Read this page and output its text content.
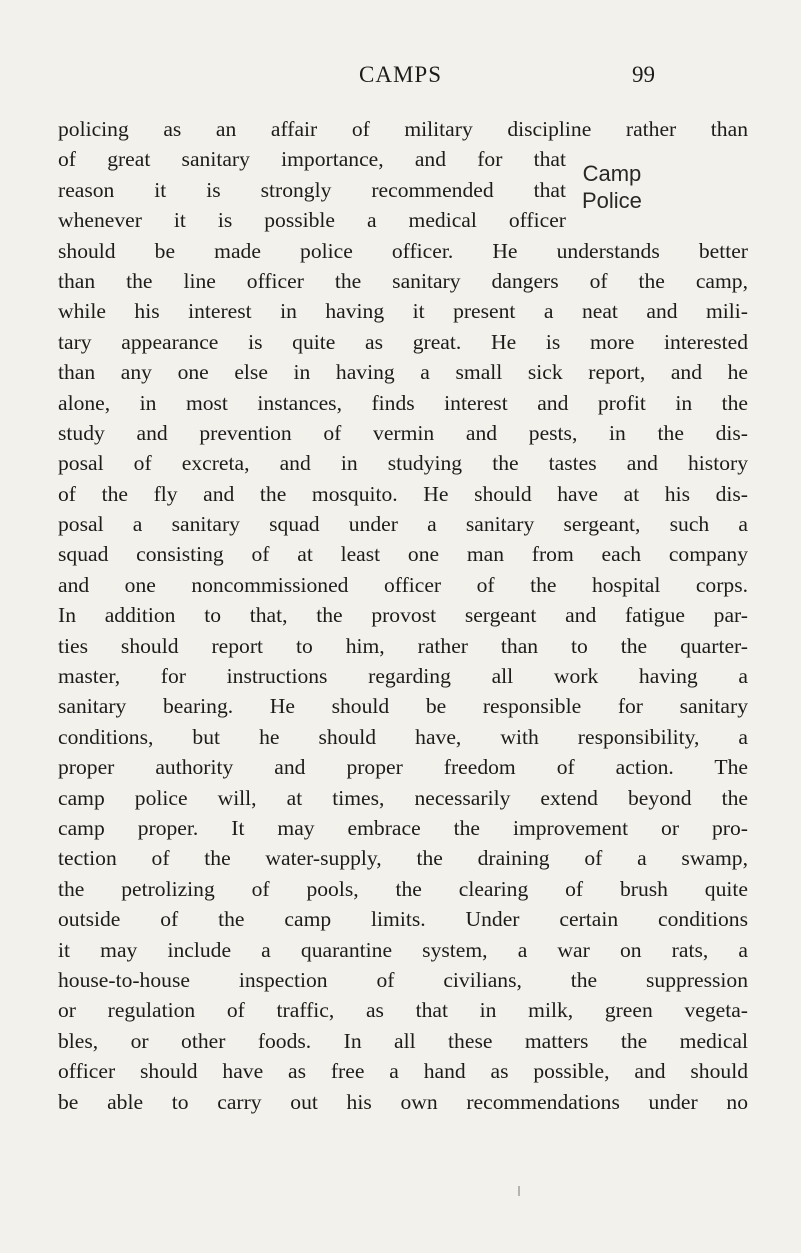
CAMPS	99
Camp
Police
policing as an affair of military discipline rather than
of great sanitary importance, and for that
reason it is strongly recommended that
whenever it is possible a medical officer
should be made police officer. He understands better
than the line officer the sanitary dangers of the camp,
while his interest in having it present a neat and mili-
tary appearance is quite as great. He is more interested
than any one else in having a small sick report, and he
alone, in most instances, finds interest and profit in the
study and prevention of vermin and pests, in the dis-
posal of excreta, and in studying the tastes and history
of the fly and the mosquito. He should have at his dis-
posal a sanitary squad under a sanitary sergeant, such a
squad consisting of at least one man from each company
and one noncommissioned officer of the hospital corps.
In addition to that, the provost sergeant and fatigue par-
ties should report to him, rather than to the quarter-
master, for instructions regarding all work having a
sanitary bearing. He should be responsible for sanitary
conditions, but he should have, with responsibility, a
proper authority and proper freedom of action. The
camp police will, at times, necessarily extend beyond the
camp proper. It may embrace the improvement or pro-
tection of the water-supply, the draining of a swamp,
the petrolizing of pools, the clearing of brush quite
outside of the camp limits. Under certain conditions
it may include a quarantine system, a war on rats, a
house-to-house inspection of civilians, the suppression
or regulation of traffic, as that in milk, green vegeta-
bles, or other foods. In all these matters the medical
officer should have as free a hand as possible, and should
be able to carry out his own recommendations under no
